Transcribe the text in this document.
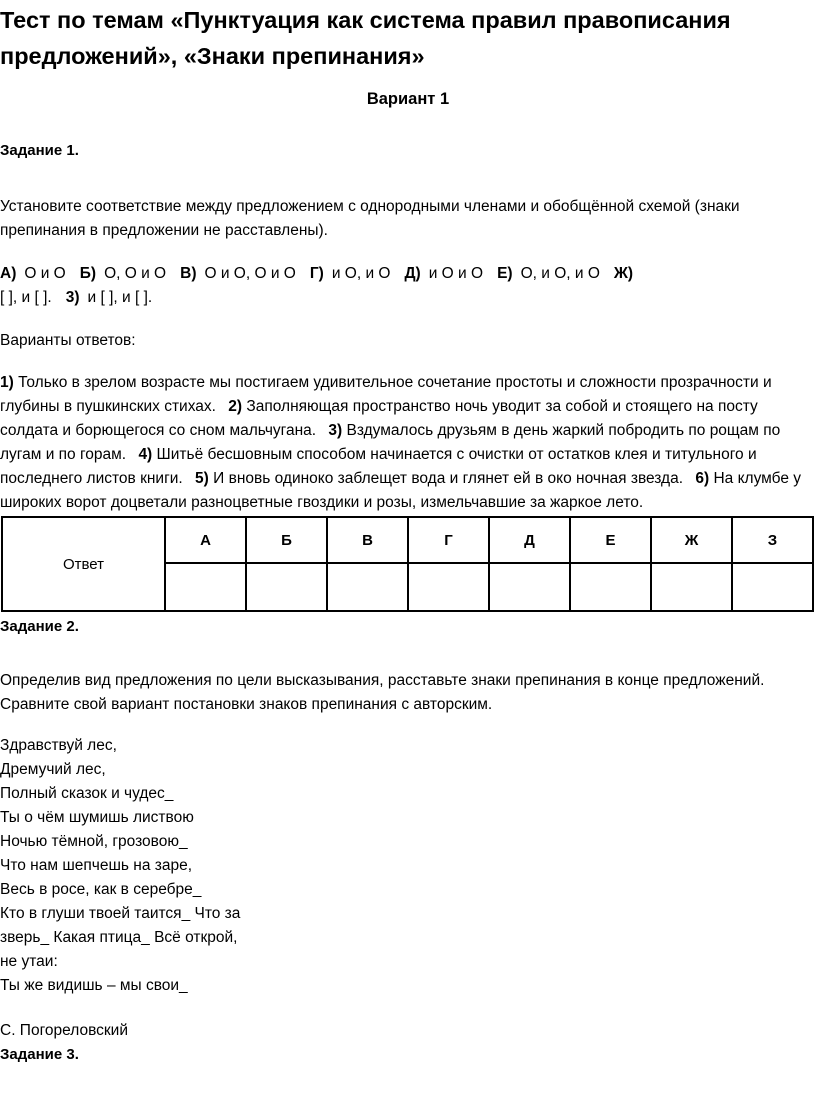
Тест по темам «Пунктуация как система правил правописания предложений», «Знаки препинания»
Вариант 1
Задание 1.

Установите соответствие между предложением с однородными членами и обобщённой схемой (знаки препинания в предложении не расставлены).

А) О и О Б) О, О и О В) О и О, О и О Г) и О, и О Д) и О и О Е) О, и О, и О Ж)
[ ], и [ ]. 3) и [ ], и [ ].

Варианты ответов:

1) Только в зрелом возрасте мы постигаем удивительное сочетание простоты и сложности прозрачности и глубины в пушкинских стихах. 2) Заполняющая пространство ночь уводит за собой и стоящего на посту солдата и борющегося со сном мальчугана. 3) Вздумалось друзьям в день жаркий побродить по рощам по лугам и по горам. 4) Шитьё бесшовным способом начинается с очистки от остатков клея и титульного и последнего листов книги. 5) И вновь одиноко заблещет вода и глянет ей в око ночная звезда. 6) На клумбе у широких ворот доцветали разноцветные гвоздики и розы, измельчавшие за жаркое лето.

Ответ	А	Б	В	Г	Д	Е	Ж	З

Задание 2.

Определив вид предложения по цели высказывания, расставьте знаки препинания в конце предложений. Сравните свой вариант постановки знаков препинания с авторским.

Здравствуй лес,
Дремучий лес,
Полный сказок и чудес_
Ты о чём шумишь листвою
Ночью тёмной, грозовою_
Что нам шепчешь на заре,
Весь в росе, как в серебре_
Кто в глуши твоей таится_ Что за
зверь_ Какая птица_ Всё открой,
не утаи:
Ты же видишь – мы свои_
С. Погореловский
Задание 3.
